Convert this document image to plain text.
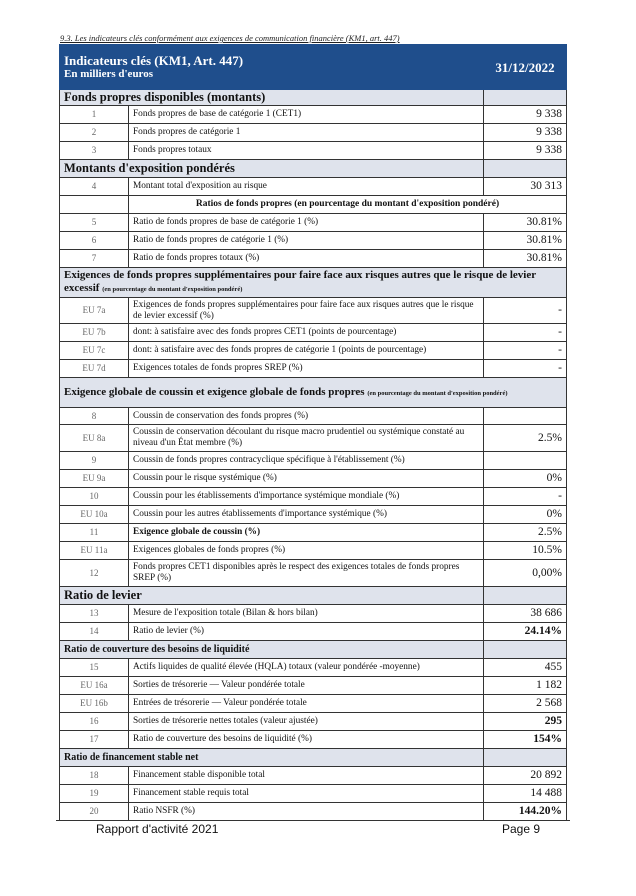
9.3. Les indicateurs clés conformément aux exigences de communication financière (KM1, art. 447)
Indicateurs clés (KM1, Art. 447)
En milliers d'euros		31/12/2022
Fonds propres disponibles (montants)		
1	Fonds propres de base de catégorie 1 (CET1)	9 338
2	Fonds propres de catégorie 1	9 338
3	Fonds propres totaux	9 338
Montants d'exposition pondérés		
4	Montant total d'exposition au risque	30 313
	Ratios de fonds propres (en pourcentage du montant d'exposition pondéré)	
5	Ratio de fonds propres de base de catégorie 1 (%)	30.81%
6	Ratio de fonds propres de catégorie 1 (%)	30.81%
7	Ratio de fonds propres totaux (%)	30.81%
Exigences de fonds propres supplémentaires pour faire face aux risques autres que le risque de levier excessif (en pourcentage du montant d'exposition pondéré)		
EU 7a	Exigences de fonds propres supplémentaires pour faire face aux risques autres que le risque de levier excessif (%)	-
EU 7b	dont: à satisfaire avec des fonds propres CET1 (points de pourcentage)	-
EU 7c	dont: à satisfaire avec des fonds propres de catégorie 1 (points de pourcentage)	-
EU 7d	Exigences totales de fonds propres SREP (%)	-
Exigence globale de coussin et exigence globale de fonds propres (en pourcentage du montant d'exposition pondéré)		
8	Coussin de conservation des fonds propres (%)	
EU 8a	Coussin de conservation découlant du risque macro prudentiel ou systémique constaté au niveau d'un État membre (%)	2.5%
9	Coussin de fonds propres contracyclique spécifique à l'établissement (%)	
EU 9a	Coussin pour le risque systémique (%)	0%
10	Coussin pour les établissements d'importance systémique mondiale (%)	-
EU 10a	Coussin pour les autres établissements d'importance systémique (%)	0%
11	Exigence globale de coussin (%)	2.5%
EU 11a	Exigences globales de fonds propres (%)	10.5%
12	Fonds propres CET1 disponibles après le respect des exigences totales de fonds propres SREP (%)	0,00%
Ratio de levier		
13	Mesure de l'exposition totale (Bilan & hors bilan)	38 686
14	Ratio de levier (%)	24.14%
Ratio de couverture des besoins de liquidité		
15	Actifs liquides de qualité élevée (HQLA) totaux (valeur pondérée -moyenne)	455
EU 16a	Sorties de trésorerie — Valeur pondérée totale	1 182
EU 16b	Entrées de trésorerie — Valeur pondérée totale	2 568
16	Sorties de trésorerie nettes totales (valeur ajustée)	295
17	Ratio de couverture des besoins de liquidité (%)	154%
Ratio de financement stable net		
18	Financement stable disponible total	20 892
19	Financement stable requis total	14 488
20	Ratio NSFR (%)	144.20%
Rapport d'activité 2021	Page 9
